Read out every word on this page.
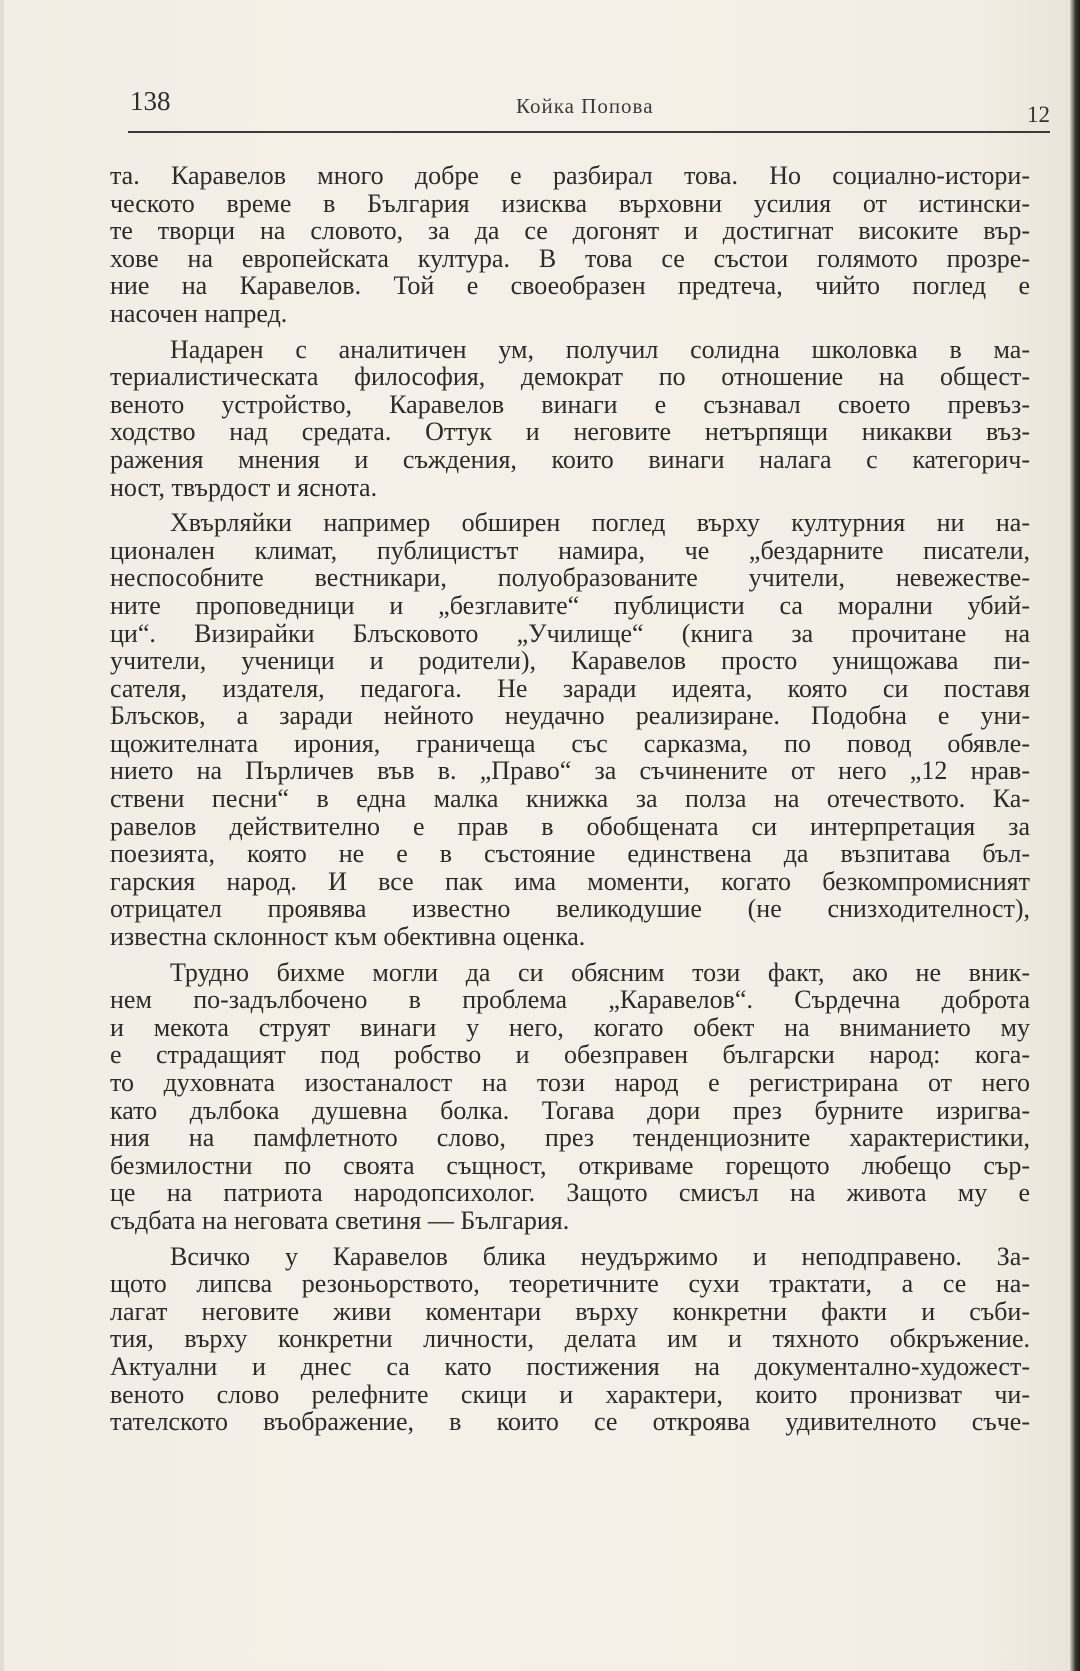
138	Койка Попова	12

та. Каравелов много добре е разбирал това. Но социално-истори-
ческото време в България изисква върховни усилия от истински-
те творци на словото, за да се догонят и достигнат високите вър-
хове на европейската култура. В това се състои голямото прозре-
ние на Каравелов. Той е своеобразен предтеча, чийто поглед е
насочен напред.

Надарен с аналитичен ум, получил солидна школовка в ма-
териалистическата философия, демократ по отношение на общест-
веното устройство, Каравелов винаги е съзнавал своето превъз-
ходство над средата. Оттук и неговите нетърпящи никакви въз-
ражения мнения и съждения, които винаги налага с категорич-
ност, твърдост и яснота.

Хвърляйки например обширен поглед върху културния ни на-
ционален климат, публицистът намира, че „бездарните писатели,
неспособните вестникари, полуобразованите учители, невежестве-
ните проповедници и „безглавите“ публицисти са морални убий-
ци“. Визирайки Блъсковото „Училище“ (книга за прочитане на
учители, ученици и родители), Каравелов просто унищожава пи-
сателя, издателя, педагога. Не заради идеята, която си поставя
Блъсков, а заради нейното неудачно реализиране. Подобна е уни-
щожителната ирония, граничеща със сарказма, по повод обявле-
нието на Пърличев във в. „Право“ за съчинените от него „12 нрав-
ствени песни“ в една малка книжка за полза на отечеството. Ка-
равелов действително е прав в обобщената си интерпретация за
поезията, която не е в състояние единствена да възпитава бъл-
гарския народ. И все пак има моменти, когато безкомпромисният
отрицател проявява известно великодушие (не снизходителност),
известна склонност към обективна оценка.

Трудно бихме могли да си обясним този факт, ако не вник-
нем по-задълбочено в проблема „Каравелов“. Сърдечна доброта
и мекота струят винаги у него, когато обект на вниманието му
е страдащият под робство и обезправен български народ: кога-
то духовната изостаналост на този народ е регистрирана от него
като дълбока душевна болка. Тогава дори през бурните изригва-
ния на памфлетното слово, през тенденциозните характеристики,
безмилостни по своята същност, откриваме горещото любещо сър-
це на патриота народопсихолог. Защото смисъл на живота му е
съдбата на неговата светиня — България.

Всичко у Каравелов блика неудържимо и неподправено. За-
щото липсва резоньорството, теоретичните сухи трактати, а се на-
лагат неговите живи коментари върху конкретни факти и съби-
тия, върху конкретни личности, делата им и тяхното обкръжение.
Актуални и днес са като постижения на документално-художест-
веното слово релефните скици и характери, които пронизват чи-
тателското въображение, в които се откроява удивителното съче-
